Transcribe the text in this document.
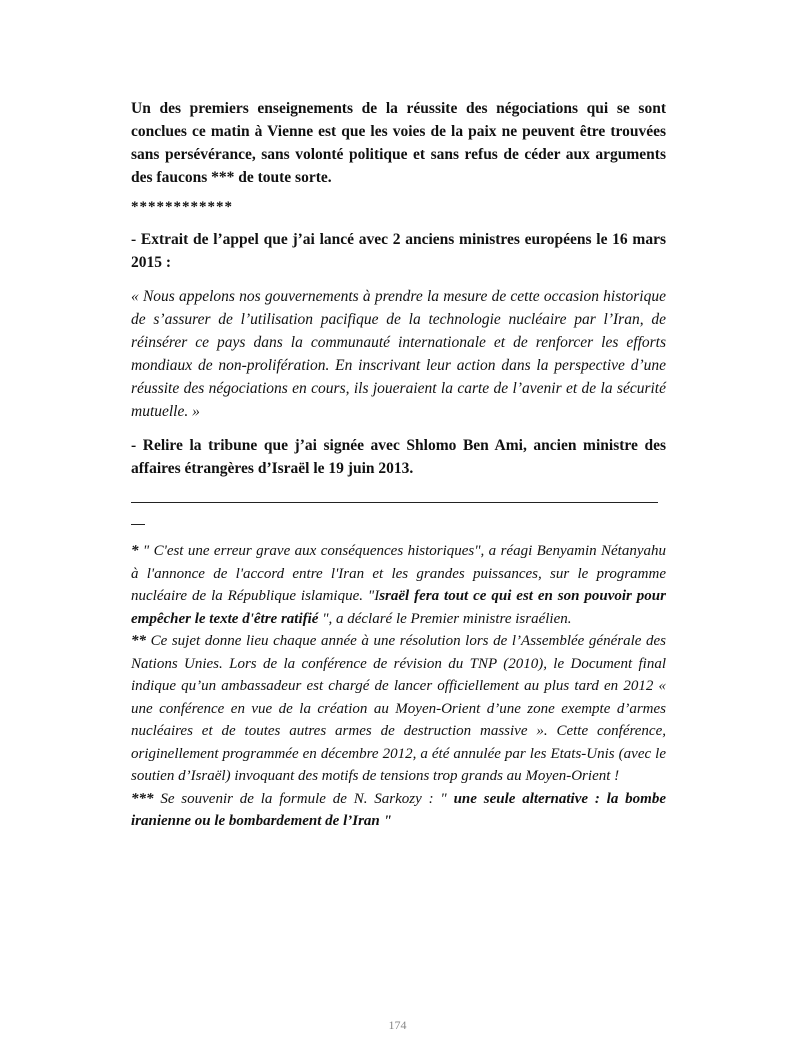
Un des premiers enseignements de la réussite des négociations qui se sont conclues ce matin à Vienne est que les voies de la paix ne peuvent être trouvées sans persévérance, sans volonté politique et sans refus de céder aux arguments des faucons *** de toute sorte.

************

- Extrait de l’appel que j’ai lancé avec 2 anciens ministres européens le 16 mars 2015 :

« Nous appelons nos gouvernements à prendre la mesure de cette occasion historique de s’assurer de l’utilisation pacifique de la technologie nucléaire par l’Iran, de réinsérer ce pays dans la communauté internationale et de renforcer les efforts mondiaux de non-prolifération. En inscrivant leur action dans la perspective d’une réussite des négociations en cours, ils joueraient la carte de l’avenir et de la sécurité mutuelle. »

- Relire la tribune que j’ai signée avec Shlomo Ben Ami, ancien ministre des affaires étrangères d’Israël le 19 juin 2013.

* " C'est une erreur grave aux conséquences historiques", a réagi Benyamin Nétanyahu à l'annonce de l'accord entre l'Iran et les grandes puissances, sur le programme nucléaire de la République islamique. "Israël fera tout ce qui est en son pouvoir pour empêcher le texte d'être ratifié ", a déclaré le Premier ministre israélien.

** Ce sujet donne lieu chaque année à une résolution lors de l’Assemblée générale des Nations Unies. Lors de la conférence de révision du TNP (2010), le Document final indique qu’un ambassadeur est chargé de lancer officiellement au plus tard en 2012 « une conférence en vue de la création au Moyen-Orient d’une zone exempte d’armes nucléaires et de toutes autres armes de destruction massive ». Cette conférence, originellement programmée en décembre 2012, a été annulée par les Etats-Unis (avec le soutien d’Israël) invoquant des motifs de tensions trop grands au Moyen-Orient !

*** Se souvenir de la formule de N. Sarkozy : " une seule alternative : la bombe iranienne ou le bombardement de l’Iran "

174
